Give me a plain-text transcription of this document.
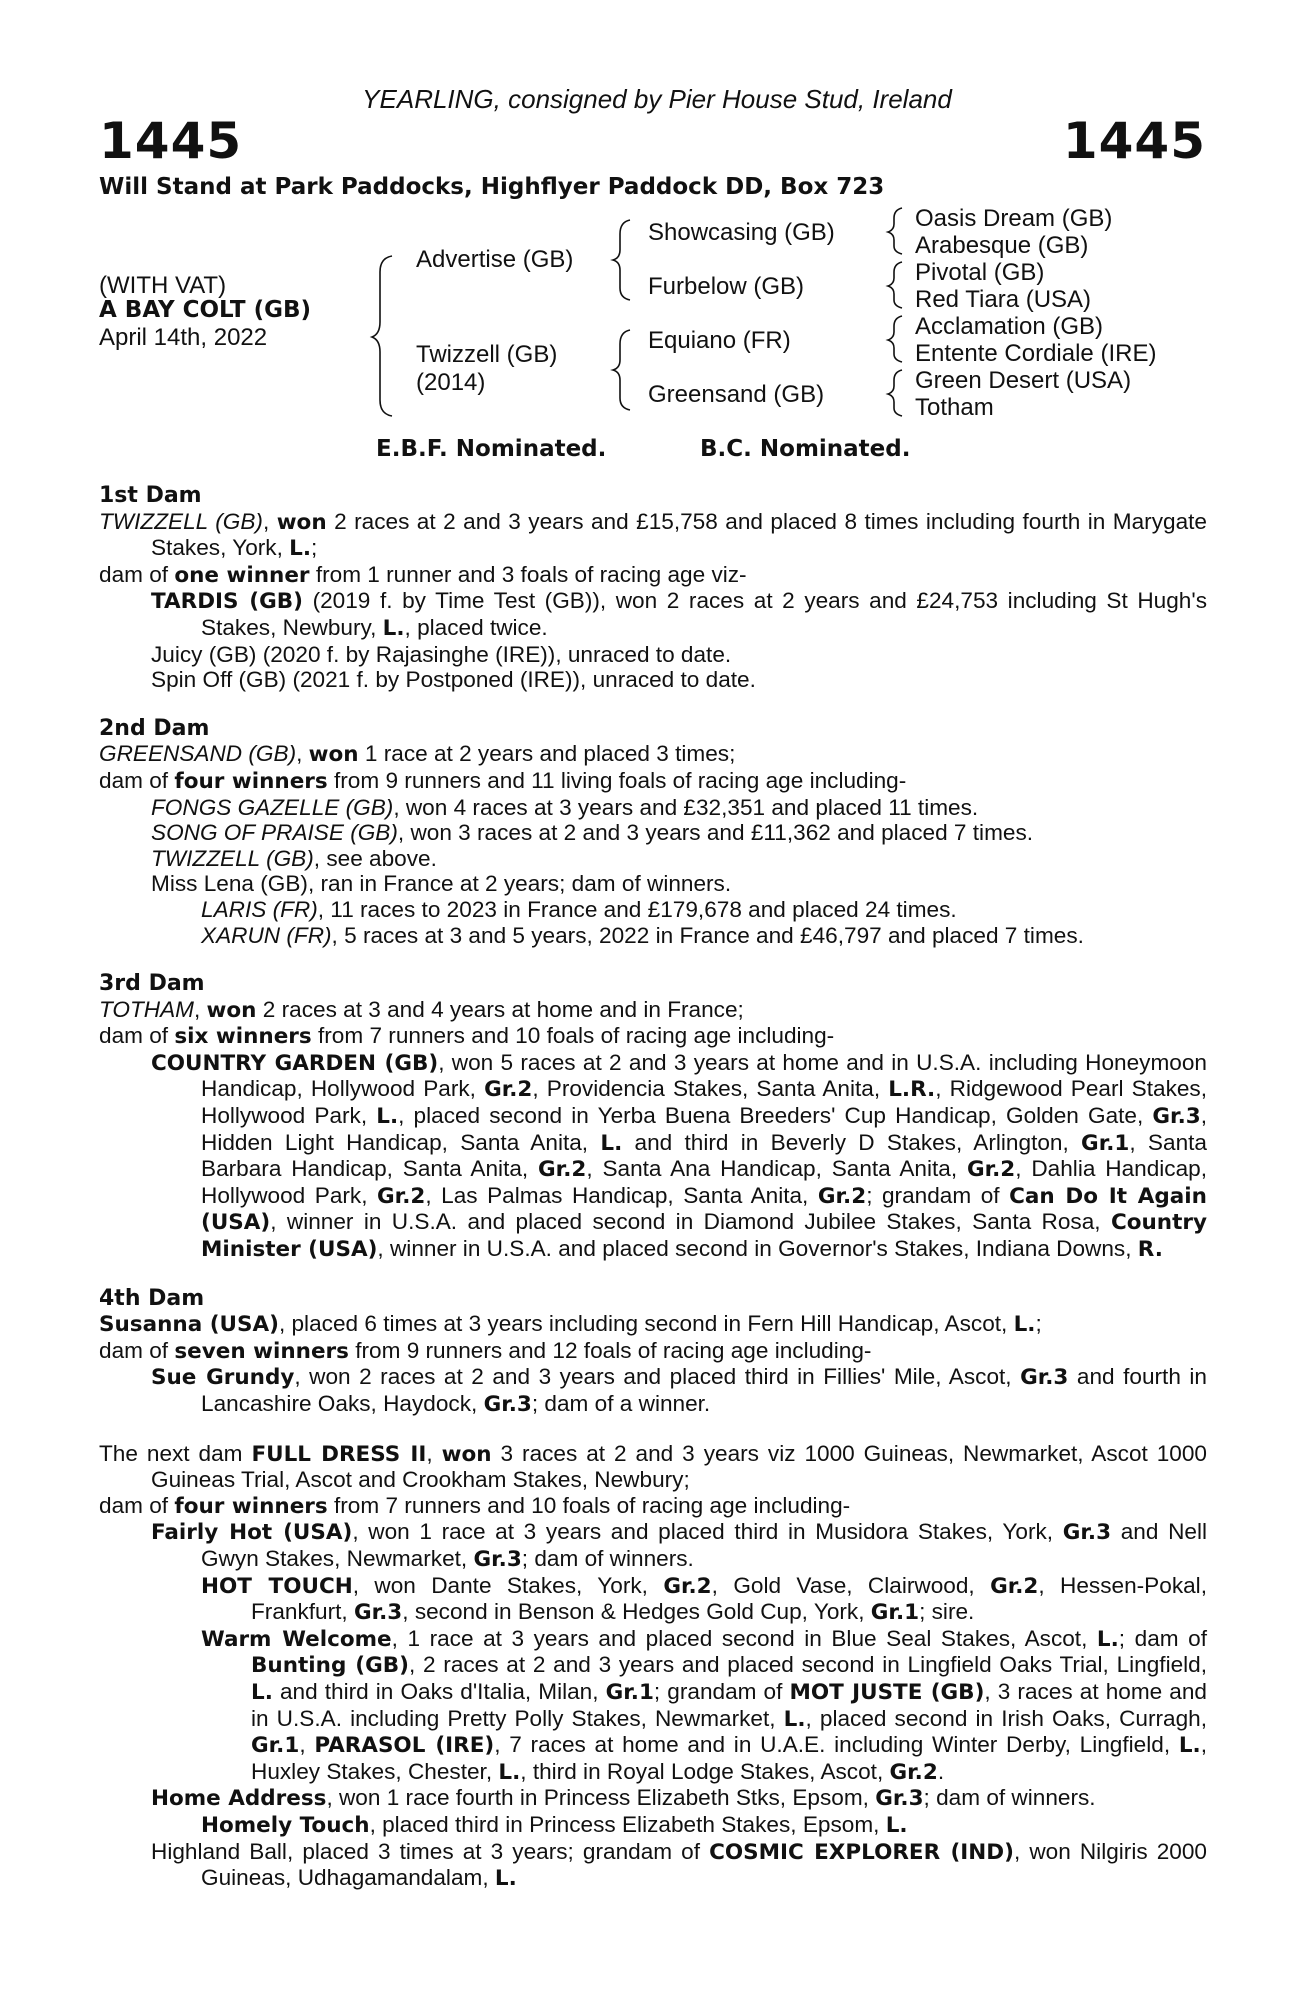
YEARLING, consigned by Pier House Stud, Ireland
1445	1445
Will Stand at Park Paddocks, Highflyer Paddock DD, Box 723
(WITH VAT)
A BAY COLT (GB)
April 14th, 2022
Advertise (GB)
Twizzell (GB)
(2014)
Showcasing (GB)
Furbelow (GB)
Equiano (FR)
Greensand (GB)
Oasis Dream (GB)
Arabesque (GB)
Pivotal (GB)
Red Tiara (USA)
Acclamation (GB)
Entente Cordiale (IRE)
Green Desert (USA)
Totham
E.B.F. Nominated.	B.C. Nominated.

1st Dam

TWIZZELL (GB), won 2 races at 2 and 3 years and £15,758 and placed 8 times including fourth in Marygate Stakes, York, L.;

dam of one winner from 1 runner and 3 foals of racing age viz-

TARDIS (GB) (2019 f. by Time Test (GB)), won 2 races at 2 years and £24,753 including St Hugh's Stakes, Newbury, L., placed twice.

Juicy (GB) (2020 f. by Rajasinghe (IRE)), unraced to date.

Spin Off (GB) (2021 f. by Postponed (IRE)), unraced to date.

2nd Dam

GREENSAND (GB), won 1 race at 2 years and placed 3 times;

dam of four winners from 9 runners and 11 living foals of racing age including-

FONGS GAZELLE (GB), won 4 races at 3 years and £32,351 and placed 11 times.

SONG OF PRAISE (GB), won 3 races at 2 and 3 years and £11,362 and placed 7 times.

TWIZZELL (GB), see above.

Miss Lena (GB), ran in France at 2 years; dam of winners.

LARIS (FR), 11 races to 2023 in France and £179,678 and placed 24 times.

XARUN (FR), 5 races at 3 and 5 years, 2022 in France and £46,797 and placed 7 times.

3rd Dam

TOTHAM, won 2 races at 3 and 4 years at home and in France;

dam of six winners from 7 runners and 10 foals of racing age including-

COUNTRY GARDEN (GB), won 5 races at 2 and 3 years at home and in U.S.A. including Honeymoon Handicap, Hollywood Park, Gr.2, Providencia Stakes, Santa Anita, L.R., Ridgewood Pearl Stakes, Hollywood Park, L., placed second in Yerba Buena Breeders' Cup Handicap, Golden Gate, Gr.3, Hidden Light Handicap, Santa Anita, L. and third in Beverly D Stakes, Arlington, Gr.1, Santa Barbara Handicap, Santa Anita, Gr.2, Santa Ana Handicap, Santa Anita, Gr.2, Dahlia Handicap, Hollywood Park, Gr.2, Las Palmas Handicap, Santa Anita, Gr.2; grandam of Can Do It Again (USA), winner in U.S.A. and placed second in Diamond Jubilee Stakes, Santa Rosa, Country Minister (USA), winner in U.S.A. and placed second in Governor's Stakes, Indiana Downs, R.

4th Dam

Susanna (USA), placed 6 times at 3 years including second in Fern Hill Handicap, Ascot, L.;

dam of seven winners from 9 runners and 12 foals of racing age including-

Sue Grundy, won 2 races at 2 and 3 years and placed third in Fillies' Mile, Ascot, Gr.3 and fourth in Lancashire Oaks, Haydock, Gr.3; dam of a winner.

The next dam FULL DRESS II, won 3 races at 2 and 3 years viz 1000 Guineas, Newmarket, Ascot 1000 Guineas Trial, Ascot and Crookham Stakes, Newbury;

dam of four winners from 7 runners and 10 foals of racing age including-

Fairly Hot (USA), won 1 race at 3 years and placed third in Musidora Stakes, York, Gr.3 and Nell Gwyn Stakes, Newmarket, Gr.3; dam of winners.

HOT TOUCH, won Dante Stakes, York, Gr.2, Gold Vase, Clairwood, Gr.2, Hessen-Pokal, Frankfurt, Gr.3, second in Benson & Hedges Gold Cup, York, Gr.1; sire.

Warm Welcome, 1 race at 3 years and placed second in Blue Seal Stakes, Ascot, L.; dam of Bunting (GB), 2 races at 2 and 3 years and placed second in Lingfield Oaks Trial, Lingfield, L. and third in Oaks d'Italia, Milan, Gr.1; grandam of MOT JUSTE (GB), 3 races at home and in U.S.A. including Pretty Polly Stakes, Newmarket, L., placed second in Irish Oaks, Curragh, Gr.1, PARASOL (IRE), 7 races at home and in U.A.E. including Winter Derby, Lingfield, L., Huxley Stakes, Chester, L., third in Royal Lodge Stakes, Ascot, Gr.2.

Home Address, won 1 race fourth in Princess Elizabeth Stks, Epsom, Gr.3; dam of winners.

Homely Touch, placed third in Princess Elizabeth Stakes, Epsom, L.

Highland Ball, placed 3 times at 3 years; grandam of COSMIC EXPLORER (IND), won Nilgiris 2000 Guineas, Udhagamandalam, L.
